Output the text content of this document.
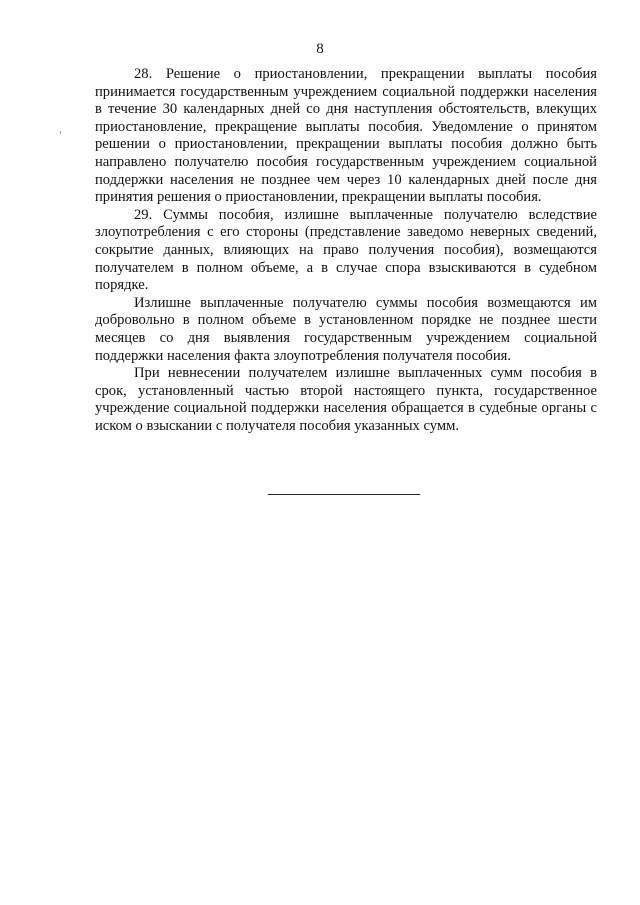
8

28. Решение о приостановлении, прекращении выплаты пособия принимается государственным учреждением социальной поддержки населения в течение 30 календарных дней со дня наступления обстоятельств, влекущих приостановление, прекращение выплаты пособия. Уведомление о принятом решении о приостановлении, прекращении выплаты пособия должно быть направлено получателю пособия государственным учреждением социальной поддержки населения не позднее чем через 10 календарных дней после дня принятия решения о приостановлении, прекращении выплаты пособия.

29. Суммы пособия, излишне выплаченные получателю вследствие злоупотребления с его стороны (представление заведомо неверных сведений, сокрытие данных, влияющих на право получения пособия), возмещаются получателем в полном объеме, а в случае спора взыскиваются в судебном порядке.

Излишне выплаченные получателю суммы пособия возмещаются им добровольно в полном объеме в установленном порядке не позднее шести месяцев со дня выявления государственным учреждением социальной поддержки населения факта злоупотребления получателя пособия.

При невнесении получателем излишне выплаченных сумм пособия в срок, установленный частью второй настоящего пункта, государственное учреждение социальной поддержки населения обращается в судебные органы с иском о взыскании с получателя пособия указанных сумм.
